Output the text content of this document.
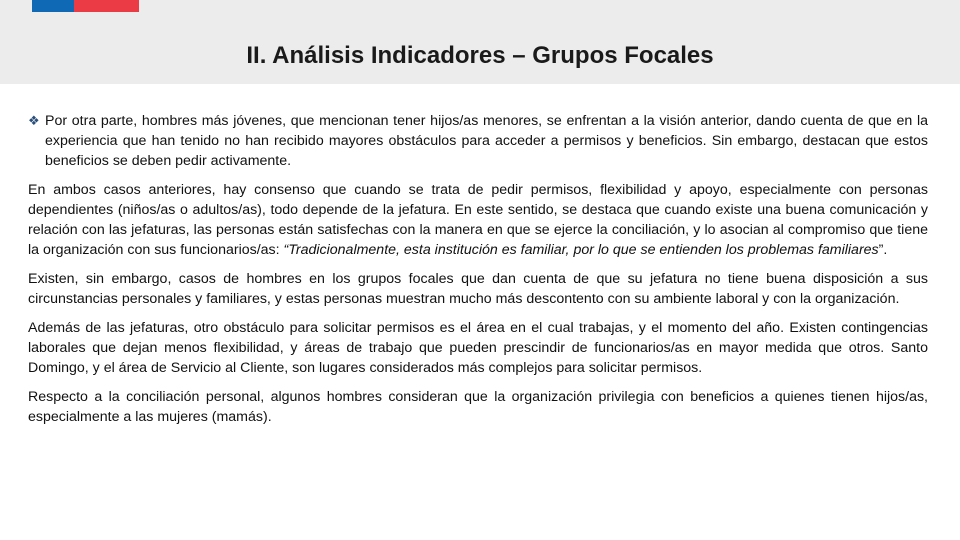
II. Análisis Indicadores – Grupos Focales

❖ Por otra parte, hombres más jóvenes, que mencionan tener hijos/as menores, se enfrentan a la visión anterior, dando cuenta de que en la experiencia que han tenido no han recibido mayores obstáculos para acceder a permisos y beneficios. Sin embargo, destacan que estos beneficios se deben pedir activamente.

En ambos casos anteriores, hay consenso que cuando se trata de pedir permisos, flexibilidad y apoyo, especialmente con personas dependientes (niños/as o adultos/as), todo depende de la jefatura. En este sentido, se destaca que cuando existe una buena comunicación y relación con las jefaturas, las personas están satisfechas con la manera en que se ejerce la conciliación, y lo asocian al compromiso que tiene la organización con sus funcionarios/as: “Tradicionalmente, esta institución es familiar, por lo que se entienden los problemas familiares”.

Existen, sin embargo, casos de hombres en los grupos focales que dan cuenta de que su jefatura no tiene buena disposición a sus circunstancias personales y familiares, y estas personas muestran mucho más descontento con su ambiente laboral y con la organización.

Además de las jefaturas, otro obstáculo para solicitar permisos es el área en el cual trabajas, y el momento del año. Existen contingencias laborales que dejan menos flexibilidad, y áreas de trabajo que pueden prescindir de funcionarios/as en mayor medida que otros. Santo Domingo, y el área de Servicio al Cliente, son lugares considerados más complejos para solicitar permisos.

Respecto a la conciliación personal, algunos hombres consideran que la organización privilegia con beneficios a quienes tienen hijos/as, especialmente a las mujeres (mamás).
